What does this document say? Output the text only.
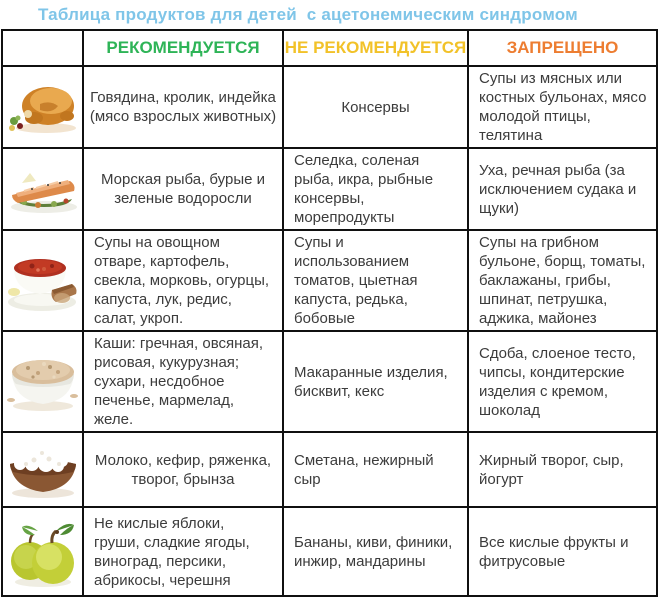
Таблица продуктов для детей  с ацетонемическим синдромом
	РЕКОМЕНДУЕТСЯ	НЕ РЕКОМЕНДУЕТСЯ	ЗАПРЕЩЕНО
	Говядина, кролик, индейка (мясо взрослых животных)	Консервы	Супы из мясных или костных бульонах, мясо молодой птицы, телятина
	Морская рыба, бурые и зеленые водоросли	Селедка, соленая рыба, икра, рыбные консервы, морепродукты	Уха, речная рыба (за исключением судака и щуки)
	Супы на овощном отваре, картофель, свекла, морковь, огурцы, капуста, лук, редис, салат, укроп.	Супы и использованием томатов, цыетная капуста, редька, бобовые	Супы на грибном бульоне, борщ, томаты, баклажаны, грибы, шпинат, петрушка, аджика, майонез
	Каши: гречная, овсяная, рисовая, кукурузная; сухари, несдобное печенье, мармелад, желе.	Макаранные изделия, бисквит, кекс	Сдоба, слоеное тесто, чипсы, кондитерские изделия с кремом, шоколад
	Молоко, кефир, ряженка, творог, брынза	Сметана, нежирный сыр	Жирный творог, сыр, йогурт
	Не кислые яблоки, груши, сладкие ягоды, виноград, персики, абрикосы, черешня	Бананы, киви, финики, инжир, мандарины	Все кислые фрукты и фитрусовые
